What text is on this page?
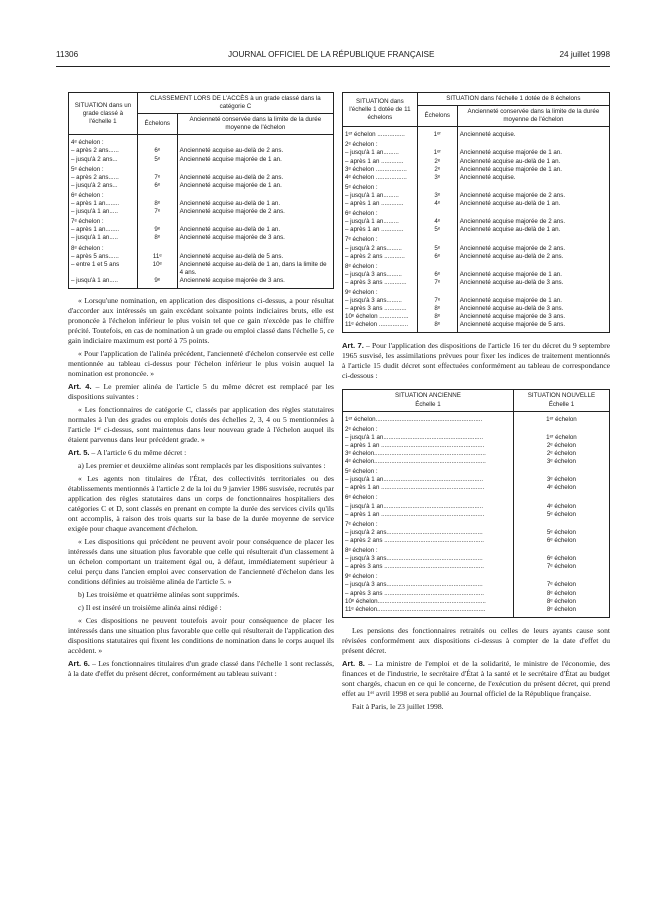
11306	JOURNAL OFFICIEL DE LA RÉPUBLIQUE FRANÇAISE	24 juillet 1998
SITUATION dans un grade classé à l'échelle 1	CLASSEMENT LORS DE L'ACCÈS à un grade classé dans la catégorie C	
	Échelons	Ancienneté conservée dans la limite de la durée moyenne de l'échelon
4ᵉ échelon :		
– après 2 ans......	6ᵉ	Ancienneté acquise au-delà de 2 ans.
– jusqu'à 2 ans...	5ᵉ	Ancienneté acquise majorée de 1 an.
5ᵉ échelon :		
– après 2 ans......	7ᵉ	Ancienneté acquise au-delà de 2 ans.
– jusqu'à 2 ans...	6ᵉ	Ancienneté acquise majorée de 1 an.
6ᵉ échelon :		
– après 1 an........	8ᵉ	Ancienneté acquise au-delà de 1 an.
– jusqu'à 1 an.....	7ᵉ	Ancienneté acquise majorée de 2 ans.
7ᵉ échelon :		
– après 1 an........	9ᵉ	Ancienneté acquise au-delà de 1 an.
– jusqu'à 1 an.....	8ᵉ	Ancienneté acquise majorée de 3 ans.
8ᵉ échelon :		
– après 5 ans......	11ᵉ	Ancienneté acquise au-delà de 5 ans.
– entre 1 et 5 ans	10ᵉ	Ancienneté acquise au-delà de 1 an, dans la limite de 4 ans.
– jusqu'à 1 an.....	9ᵉ	Ancienneté acquise majorée de 3 ans.

« Lorsqu'une nomination, en application des dispositions ci-dessus, a pour résultat d'accorder aux intéressés un gain excédant soixante points indiciaires bruts, elle est prononcée à l'échelon inférieur le plus voisin tel que ce gain n'excède pas le chiffre précité. Toutefois, en cas de nomination à un grade ou emploi classé dans l'échelle 5, ce gain indiciaire maximum est porté à 75 points.

« Pour l'application de l'alinéa précédent, l'ancienneté d'échelon conservée est celle mentionnée au tableau ci-dessus pour l'échelon inférieur le plus voisin auquel la nomination est prononcée. »

Art. 4. – Le premier alinéa de l'article 5 du même décret est remplacé par les dispositions suivantes :

« Les fonctionnaires de catégorie C, classés par application des règles statutaires normales à l'un des grades ou emplois dotés des échelles 2, 3, 4 ou 5 mentionnées à l'article 1ᵉʳ ci-dessus, sont maintenus dans leur nouveau grade à l'échelon auquel ils étaient parvenus dans leur précédent grade. »

Art. 5. – A l'article 6 du même décret :

a) Les premier et deuxième alinéas sont remplacés par les dispositions suivantes :

« Les agents non titulaires de l'État, des collectivités territoriales ou des établissements mentionnés à l'article 2 de la loi du 9 janvier 1986 susvisée, recrutés par application des règles statutaires dans un corps de fonctionnaires hospitaliers des catégories C et D, sont classés en prenant en compte la durée des services civils qu'ils ont accomplis, à raison des trois quarts sur la base de la durée moyenne de service exigée pour chaque avancement d'échelon.

« Les dispositions qui précèdent ne peuvent avoir pour conséquence de placer les intéressés dans une situation plus favorable que celle qui résulterait d'un classement à un échelon comportant un traitement égal ou, à défaut, immédiatement supérieur à celui perçu dans l'ancien emploi avec conservation de l'ancienneté d'échelon dans les conditions définies au troisième alinéa de l'article 5. »

b) Les troisième et quatrième alinéas sont supprimés.

c) Il est inséré un troisième alinéa ainsi rédigé :

« Ces dispositions ne peuvent toutefois avoir pour conséquence de placer les intéressés dans une situation plus favorable que celle qui résulterait de l'application des dispositions statutaires qui fixent les conditions de nomination dans le corps auquel ils accèdent. »

Art. 6. – Les fonctionnaires titulaires d'un grade classé dans l'échelle 1 sont reclassés, à la date d'effet du présent décret, conformément au tableau suivant :

SITUATION dans l'échelle 1 dotée de 11 échelons	SITUATION dans l'échelle 1 dotée de 8 échelons	
	Échelons	Ancienneté conservée dans la limite de la durée moyenne de l'échelon
1ᵉʳ échelon ................	1ᵉʳ	Ancienneté acquise.
2ᵉ échelon :		
– jusqu'à 1 an.........	1ᵉʳ	Ancienneté acquise majorée de 1 an.
– après 1 an .............	2ᵉ	Ancienneté acquise au-delà de 1 an.
3ᵉ échelon ..................	2ᵉ	Ancienneté acquise majorée de 1 an.
4ᵉ échelon ..................	3ᵉ	Ancienneté acquise.
5ᵉ échelon :		
– jusqu'à 1 an.........	3ᵉ	Ancienneté acquise majorée de 2 ans.
– après 1 an .............	4ᵉ	Ancienneté acquise au-delà de 1 an.
6ᵉ échelon :		
– jusqu'à 1 an.........	4ᵉ	Ancienneté acquise majorée de 2 ans.
– après 1 an .............	5ᵉ	Ancienneté acquise au-delà de 1 an.
7ᵉ échelon :		
– jusqu'à 2 ans.........	5ᵉ	Ancienneté acquise majorée de 2 ans.
– après 2 ans ............	6ᵉ	Ancienneté acquise au-delà de 2 ans.
8ᵉ échelon :		
– jusqu'à 3 ans.........	6ᵉ	Ancienneté acquise majorée de 1 an.
– après 3 ans .............	7ᵉ	Ancienneté acquise au-delà de 3 ans.
9ᵉ échelon :		
– jusqu'à 3 ans.........	7ᵉ	Ancienneté acquise majorée de 1 an.
– après 3 ans .............	8ᵉ	Ancienneté acquise au-delà de 3 ans.
10ᵉ échelon .................	8ᵉ	Ancienneté acquise majorée de 3 ans.
11ᵉ échelon .................	8ᵉ	Ancienneté acquise majorée de 5 ans.

Art. 7. – Pour l'application des dispositions de l'article 16 ter du décret du 9 septembre 1965 susvisé, les assimilations prévues pour fixer les indices de traitement mentionnés à l'article 15 dudit décret sont effectuées conformément au tableau de correspondance ci-dessous :

SITUATION ANCIENNE
Échelle 1	SITUATION NOUVELLE
Échelle 1
1ᵉʳ échelon..............................................................	1ᵉʳ échelon
2ᵉ échelon :	
– jusqu'à 1 an..........................................................	1ᵉʳ échelon
– après 1 an ............................................................	2ᵉ échelon
3ᵉ échelon.................................................................	2ᵉ échelon
4ᵉ échelon.................................................................	3ᵉ échelon
5ᵉ échelon :	
– jusqu'à 1 an..........................................................	3ᵉ échelon
– après 1 an ............................................................	4ᵉ échelon
6ᵉ échelon :	
– jusqu'à 1 an..........................................................	4ᵉ échelon
– après 1 an ............................................................	5ᵉ échelon
7ᵉ échelon :	
– jusqu'à 2 ans........................................................	5ᵉ échelon
– après 2 ans ..........................................................	6ᵉ échelon
8ᵉ échelon :	
– jusqu'à 3 ans........................................................	6ᵉ échelon
– après 3 ans ..........................................................	7ᵉ échelon
9ᵉ échelon :	
– jusqu'à 3 ans........................................................	7ᵉ échelon
– après 3 ans ..........................................................	8ᵉ échelon
10ᵉ échelon...............................................................	8ᵉ échelon
11ᵉ échelon...............................................................	8ᵉ échelon

Les pensions des fonctionnaires retraités ou celles de leurs ayants cause sont révisées conformément aux dispositions ci-dessus à compter de la date d'effet du présent décret.

Art. 8. – La ministre de l'emploi et de la solidarité, le ministre de l'économie, des finances et de l'industrie, le secrétaire d'État à la santé et le secrétaire d'État au budget sont chargés, chacun en ce qui le concerne, de l'exécution du présent décret, qui prend effet au 1ᵉʳ avril 1998 et sera publié au Journal officiel de la République française.

Fait à Paris, le 23 juillet 1998.
